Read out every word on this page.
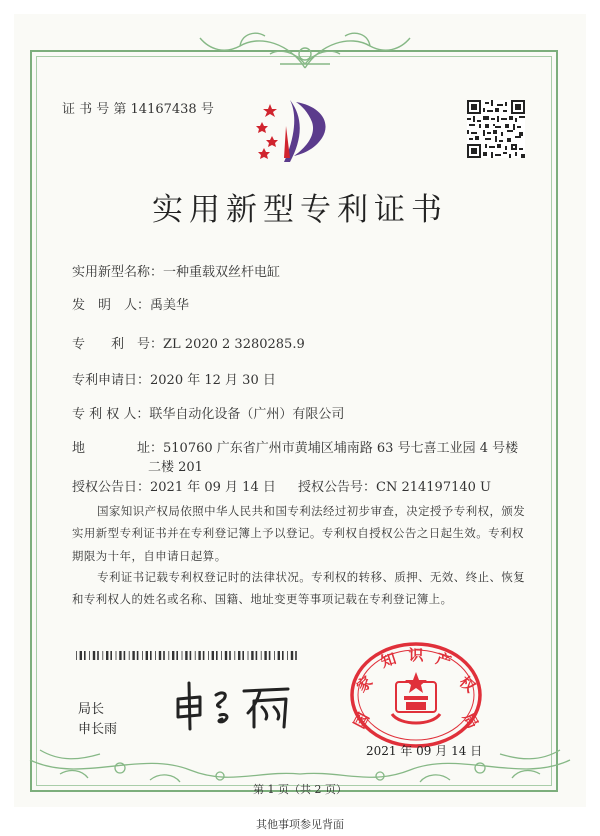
证 书 号 第 14167438 号
实用新型专利证书
实用新型名称：一种重载双丝杆电缸
发　明　人：禹美华
专　　利　号：ZL 2020 2 3280285.9
专利申请日：2020 年 12 月 30 日
专 利 权 人：联华自动化设备（广州）有限公司
地　　　　址：510760 广东省广州市黄埔区埔南路 63 号七喜工业园 4 号楼
二楼 201
授权公告日：2021 年 09 月 14 日 授权公告号：CN 214197140 U
国家知识产权局依照中华人民共和国专利法经过初步审查，决定授予专利权，颁发实用新型专利证书并在专利登记簿上予以登记。专利权自授权公告之日起生效。专利权期限为十年，自申请日起算。
专利证书记载专利权登记时的法律状况。专利权的转移、质押、无效、终止、恢复和专利权人的姓名或名称、国籍、地址变更等事项记载在专利登记簿上。
局长
申长雨	国
家
知 识 产
权
局
2021 年 09 月 14 日
第 1 页（共 2 页）
其他事项参见背面
